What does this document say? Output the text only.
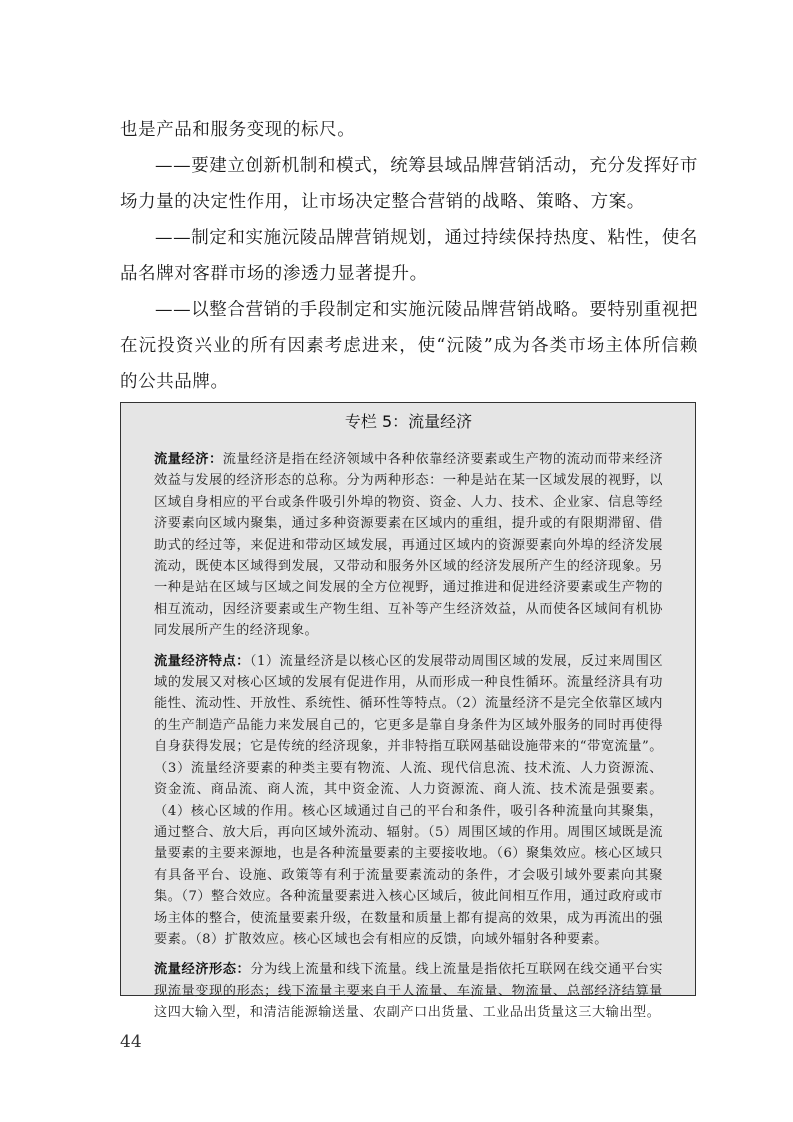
也是产品和服务变现的标尺。

——要建立创新机制和模式，统筹县域品牌营销活动，充分发挥好市场力量的决定性作用，让市场决定整合营销的战略、策略、方案。

——制定和实施沅陵品牌营销规划，通过持续保持热度、粘性，使名品名牌对客群市场的渗透力显著提升。

——以整合营销的手段制定和实施沅陵品牌营销战略。要特别重视把在沅投资兴业的所有因素考虑进来，使“沅陵”成为各类市场主体所信赖的公共品牌。

专栏 5：流量经济

流量经济：流量经济是指在经济领域中各种依靠经济要素或生产物的流动而带来经济效益与发展的经济形态的总称。分为两种形态：一种是站在某一区域发展的视野，以区域自身相应的平台或条件吸引外埠的物资、资金、人力、技术、企业家、信息等经济要素向区域内聚集，通过多种资源要素在区域内的重组，提升或的有限期滞留、借助式的经过等，来促进和带动区域发展，再通过区域内的资源要素向外埠的经济发展流动，既使本区域得到发展，又带动和服务外区域的经济发展所产生的经济现象。另一种是站在区域与区域之间发展的全方位视野，通过推进和促进经济要素或生产物的相互流动，因经济要素或生产物生组、互补等产生经济效益，从而使各区域间有机协同发展所产生的经济现象。

流量经济特点：（1）流量经济是以核心区的发展带动周围区域的发展，反过来周围区域的发展又对核心区域的发展有促进作用，从而形成一种良性循环。流量经济具有功能性、流动性、开放性、系统性、循环性等特点。（2）流量经济不是完全依靠区域内的生产制造产品能力来发展自己的，它更多是靠自身条件为区域外服务的同时再使得自身获得发展；它是传统的经济现象，并非特指互联网基础设施带来的“带宽流量”。（3）流量经济要素的种类主要有物流、人流、现代信息流、技术流、人力资源流、资金流、商品流、商人流，其中资金流、人力资源流、商人流、技术流是强要素。（4）核心区域的作用。核心区域通过自己的平台和条件，吸引各种流量向其聚集，通过整合、放大后，再向区域外流动、辐射。（5）周围区域的作用。周围区域既是流量要素的主要来源地，也是各种流量要素的主要接收地。（6）聚集效应。核心区域只有具备平台、设施、政策等有利于流量要素流动的条件，才会吸引域外要素向其聚集。（7）整合效应。各种流量要素进入核心区域后，彼此间相互作用，通过政府或市场主体的整合，使流量要素升级，在数量和质量上都有提高的效果，成为再流出的强要素。（8）扩散效应。核心区域也会有相应的反馈，向域外辐射各种要素。

流量经济形态：分为线上流量和线下流量。线上流量是指依托互联网在线交通平台实现流量变现的形态；线下流量主要来自于人流量、车流量、物流量、总部经济结算量这四大输入型，和清洁能源输送量、农副产口出货量、工业品出货量这三大输出型。

44
